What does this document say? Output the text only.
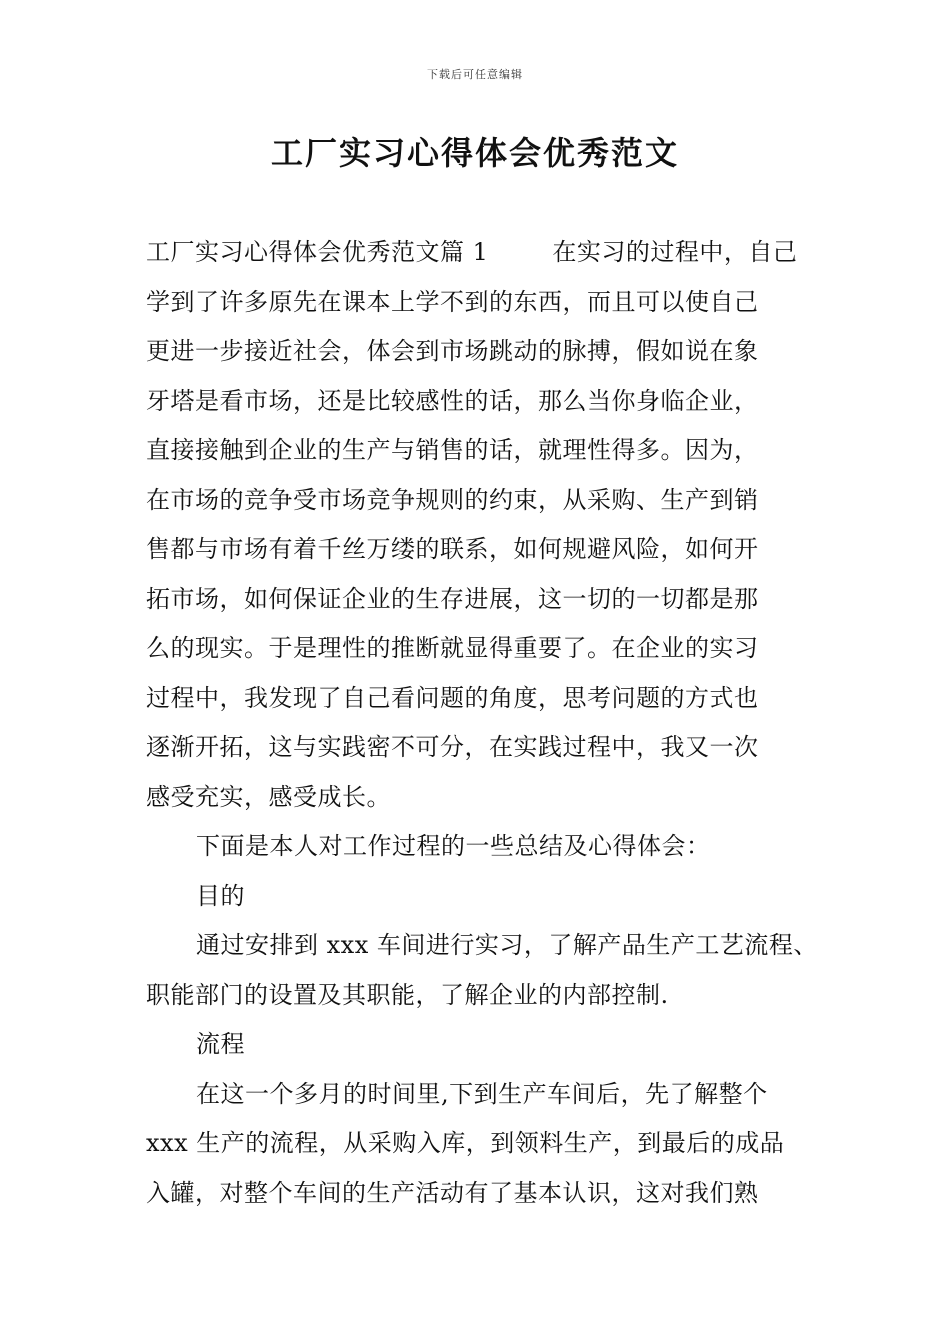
下载后可任意编辑
工厂实习心得体会优秀范文
工厂实习心得体会优秀范文篇 1	在实习的过程中，自己
学到了许多原先在课本上学不到的东西，而且可以使自己
更进一步接近社会，体会到市场跳动的脉搏，假如说在象
牙塔是看市场，还是比较感性的话，那么当你身临企业，
直接接触到企业的生产与销售的话，就理性得多。因为，
在市场的竞争受市场竞争规则的约束，从采购、生产到销
售都与市场有着千丝万缕的联系，如何规避风险，如何开
拓市场，如何保证企业的生存进展，这一切的一切都是那
么的现实。于是理性的推断就显得重要了。在企业的实习
过程中，我发现了自己看问题的角度，思考问题的方式也
逐渐开拓，这与实践密不可分，在实践过程中，我又一次
感受充实，感受成长。
下面是本人对工作过程的一些总结及心得体会：
目的
通过安排到 xxx 车间进行实习，了解产品生产工艺流程、
职能部门的设置及其职能，了解企业的内部控制.
流程
在这一个多月的时间里,下到生产车间后，先了解整个
xxx 生产的流程，从采购入库，到领料生产，到最后的成品
入罐，对整个车间的生产活动有了基本认识，这对我们熟
